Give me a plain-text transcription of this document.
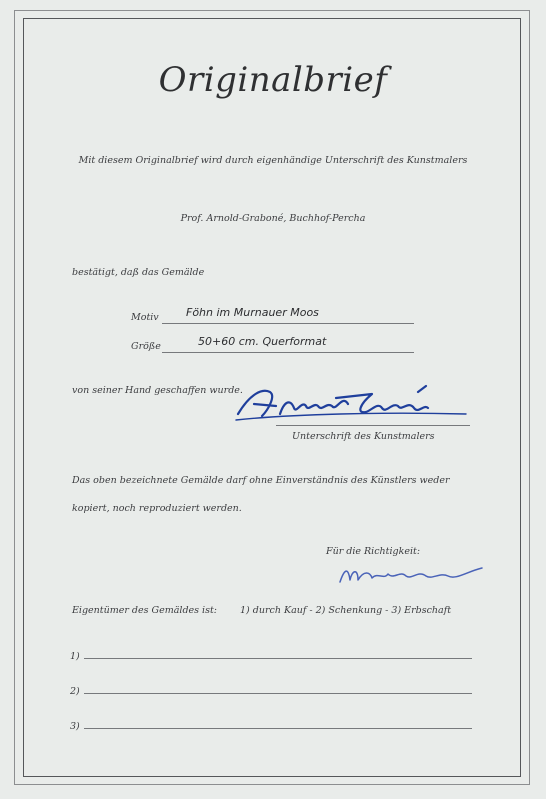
Originalbrief
Mit diesem Originalbrief wird durch eigenhändige Unterschrift des Kunstmalers
Prof. Arnold-Graboné, Buchhof-Percha
bestätigt, daß das Gemälde
Motiv Föhn im Murnauer Moos
Größe	50+60 cm. Querformat
von seiner Hand geschaffen wurde.
Unterschrift des Kunstmalers
Das oben bezeichnete Gemälde darf ohne Einverständnis des Künstlers weder
kopiert, noch reproduziert werden.
Für die Richtigkeit:
Eigentümer des Gemäldes ist: 1) durch Kauf - 2) Schenkung - 3) Erbschaft
1)
2)
3)
